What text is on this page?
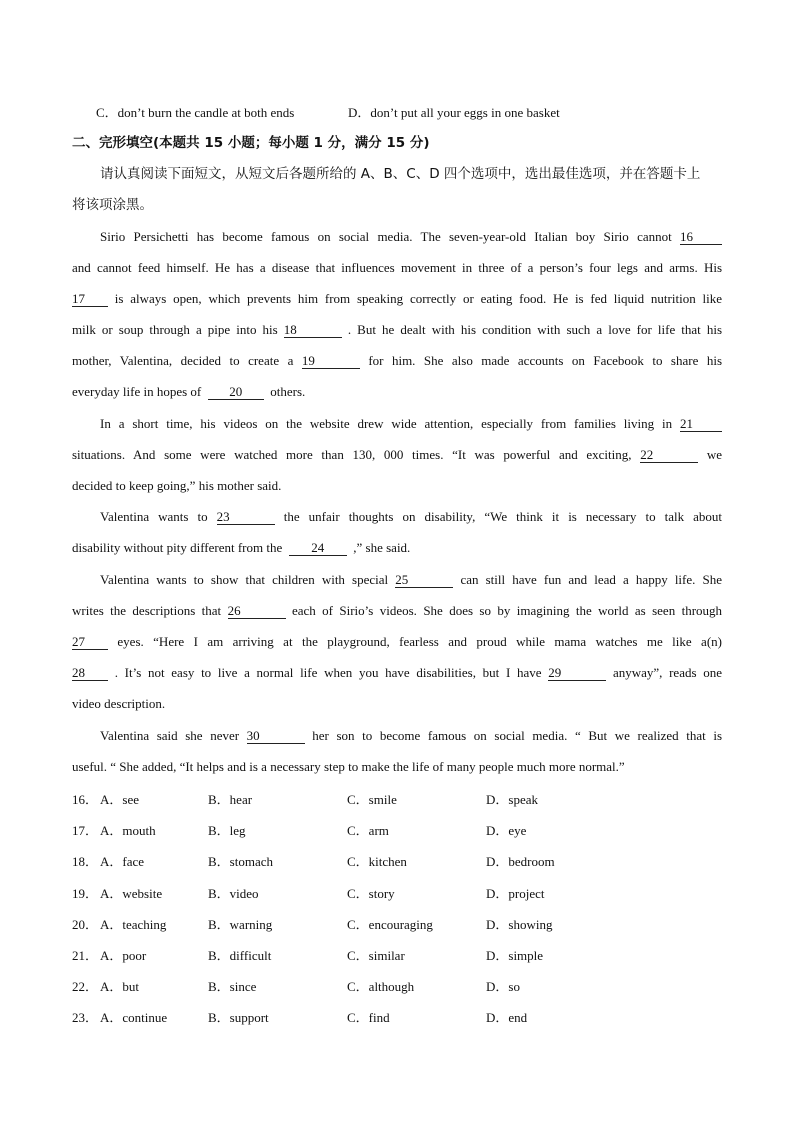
C．don’t burn the candle at both ends	D．don’t put all your eggs in one basket
二、完形填空(本题共 15 小题；每小题 1 分，满分 15 分)
请认真阅读下面短文，从短文后各题所给的 A、B、C、D 四个选项中，选出最佳选项，并在答题卡上
将该项涂黑。
Sirio Persichetti has become famous on social media. The seven-year-old Italian boy Sirio cannot 16
and cannot feed himself. He has a disease that influences movement in three of a person’s four legs and arms. His
17 is always open, which prevents him from speaking correctly or eating food. He is fed liquid nutrition like
milk or soup through a pipe into his 18	. But he dealt with his condition with such a love for life that his
mother, Valentina, decided to create a 19	for him. She also made accounts on Facebook to share his
everyday life in hopes of 20 others.
In a short time, his videos on the website drew wide attention, especially from families living in 21
situations. And some were watched more than 130, 000 times. “It was powerful and exciting, 22	we
decided to keep going,” his mother said.
Valentina wants to 23	the unfair thoughts on disability, “We think it is necessary to talk about
disability without pity different from the 24 ,” she said.
Valentina wants to show that children with special 25	can still have fun and lead a happy life. She
writes the descriptions that 26	each of Sirio’s videos. She does so by imagining the world as seen through
27 eyes. “Here I am arriving at the playground, fearless and proud while mama watches me like a(n)
28 . It’s not easy to live a normal life when you have disabilities, but I have 29	anyway”, reads one
video description.
Valentina said she never 30	her son to become famous on social media. “ But we realized that is
useful. “ She added, “It helps and is a necessary step to make the life of many people much more normal.”
16． A．see	B．hear	C．smile	D．speak
17． A．mouth	B．leg	C．arm	D．eye
18． A．face	B．stomach	C．kitchen	D．bedroom
19． A．website	B．video	C．story	D．project
20． A．teaching	B．warning	C．encouraging	D．showing
21． A．poor	B．difficult	C．similar	D．simple
22． A．but	B．since	C．although	D．so
23． A．continue	B．support	C．find	D．end
